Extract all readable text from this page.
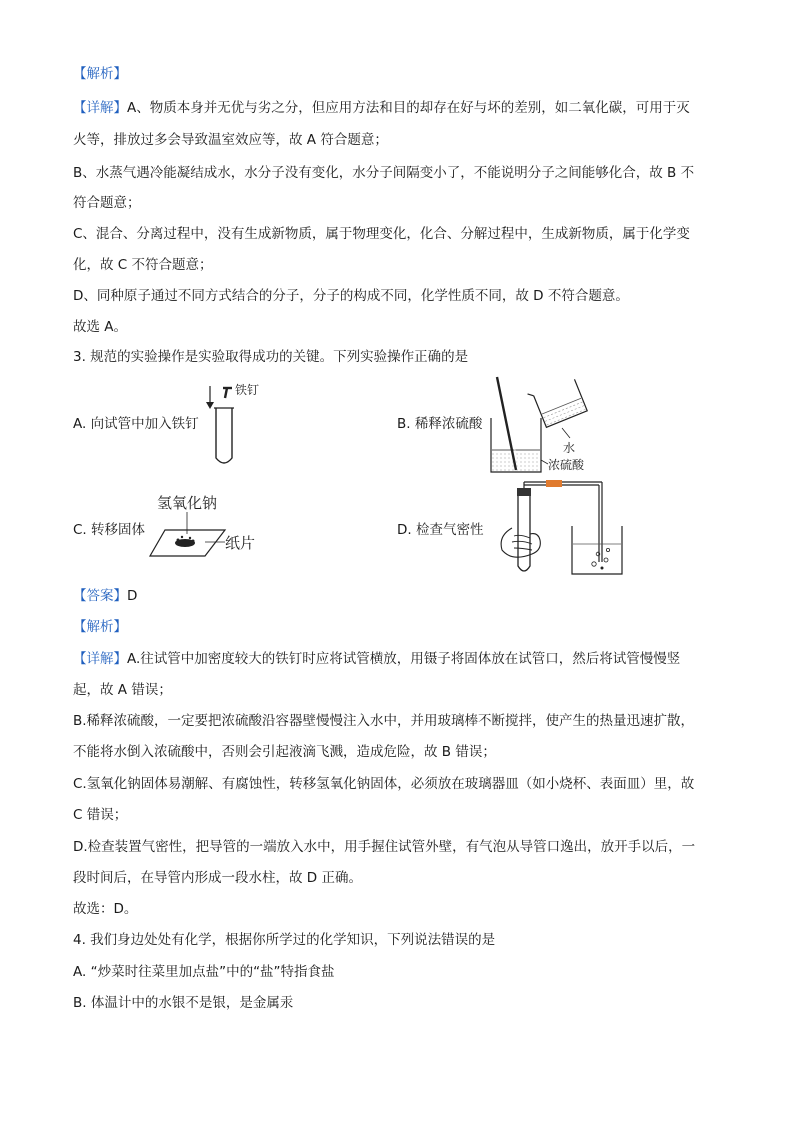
【解析】
【详解】A、物质本身并无优与劣之分，但应用方法和目的却存在好与坏的差别，如二氧化碳，可用于灭
火等，排放过多会导致温室效应等，故 A 符合题意；
B、水蒸气遇冷能凝结成水，水分子没有变化，水分子间隔变小了，不能说明分子之间能够化合，故 B 不
符合题意；
C、混合、分离过程中，没有生成新物质，属于物理变化，化合、分解过程中，生成新物质，属于化学变
化，故 C 不符合题意；
D、同种原子通过不同方式结合的分子，分子的构成不同，化学性质不同，故 D 不符合题意。
故选 A。
3. 规范的实验操作是实验取得成功的关键。下列实验操作正确的是
A. 向试管中加入铁钉	B. 稀释浓硫酸
C. 转移固体	D. 检查气密性
铁钉
水
浓硫酸
氢氧化钠
纸片
【答案】D
【解析】
【详解】A.往试管中加密度较大的铁钉时应将试管横放，用镊子将固体放在试管口，然后将试管慢慢竖
起，故 A 错误；
B.稀释浓硫酸，一定要把浓硫酸沿容器壁慢慢注入水中，并用玻璃棒不断搅拌，使产生的热量迅速扩散，
不能将水倒入浓硫酸中，否则会引起液滴飞溅，造成危险，故 B 错误；
C.氢氧化钠固体易潮解、有腐蚀性，转移氢氧化钠固体，必须放在玻璃器皿（如小烧杯、表面皿）里，故
C 错误；
D.检查装置气密性，把导管的一端放入水中，用手握住试管外壁，有气泡从导管口逸出，放开手以后，一
段时间后，在导管内形成一段水柱，故 D 正确。
故选：D。
4. 我们身边处处有化学，根据你所学过的化学知识，下列说法错误的是
A. “炒菜时往菜里加点盐”中的“盐”特指食盐
B. 体温计中的水银不是银，是金属汞
